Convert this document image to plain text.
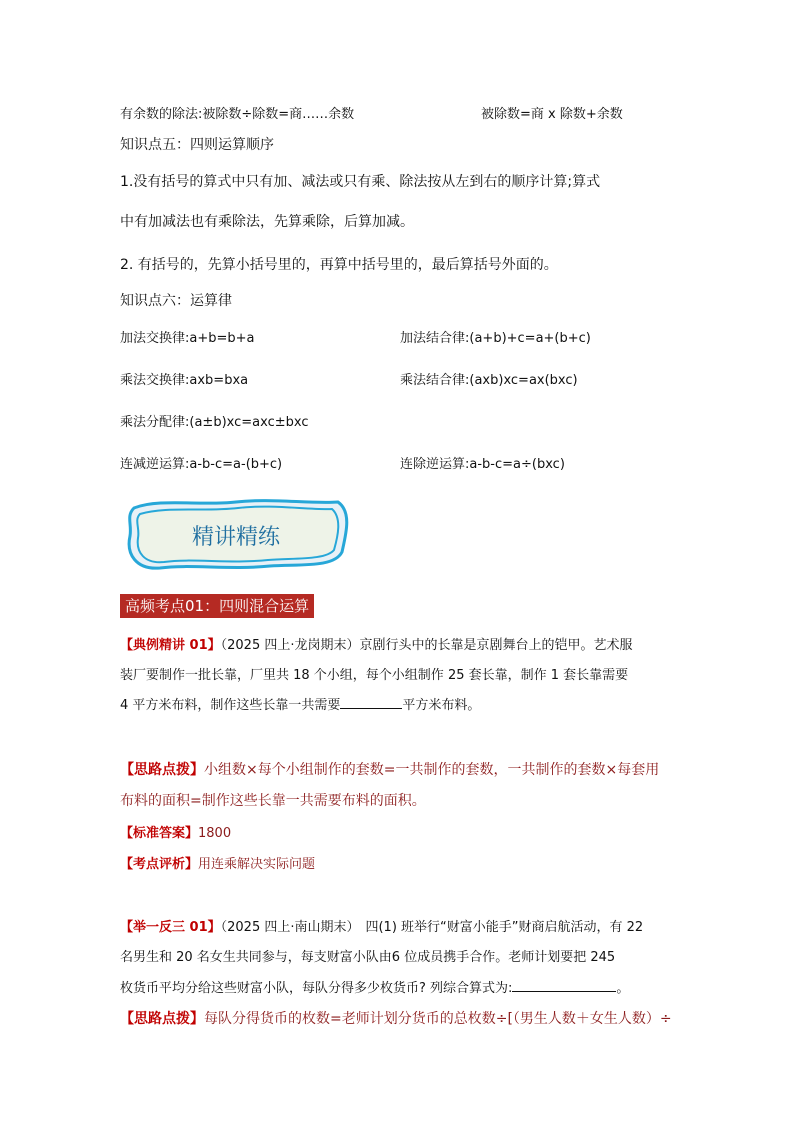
有余数的除法:被除数÷除数=商……余数	被除数=商 x 除数+余数
知识点五：四则运算顺序
1.没有括号的算式中只有加、减法或只有乘、除法按从左到右的顺序计算;算式
中有加减法也有乘除法，先算乘除，后算加减。
2. 有括号的，先算小括号里的，再算中括号里的，最后算括号外面的。
知识点六：运算律
加法交换律:a+b=b+a	加法结合律:(a+b)+c=a+(b+c)
乘法交换律:axb=bxa	乘法结合律:(axb)xc=ax(bxc)
乘法分配律:(a±b)xc=axc±bxc
连减逆运算:a-b-c=a-(b+c)	连除逆运算:a-b-c=a÷(bxc)
精讲精练
高频考点01：四则混合运算
【典例精讲 01】（2025 四上·龙岗期末）京剧行头中的长靠是京剧舞台上的铠甲。艺术服
装厂要制作一批长靠，厂里共 18 个小组，每个小组制作 25 套长靠，制作 1 套长靠需要
4 平方米布料，制作这些长靠一共需要	平方米布料。
【思路点拨】小组数×每个小组制作的套数=一共制作的套数，一共制作的套数×每套用
布料的面积=制作这些长靠一共需要布料的面积。
【标准答案】1800
【考点评析】用连乘解决实际问题
【举一反三 01】（2025 四上·南山期末） 四(1) 班举行“财富小能手”财商启航活动，有 22
名男生和 20 名女生共同参与，每支财富小队由6 位成员携手合作。老师计划要把 245
枚货币平均分给这些财富小队，每队分得多少枚货币? 列综合算式为:	。
【思路点拨】每队分得货币的枚数=老师计划分货币的总枚数÷[（男生人数＋女生人数）÷
